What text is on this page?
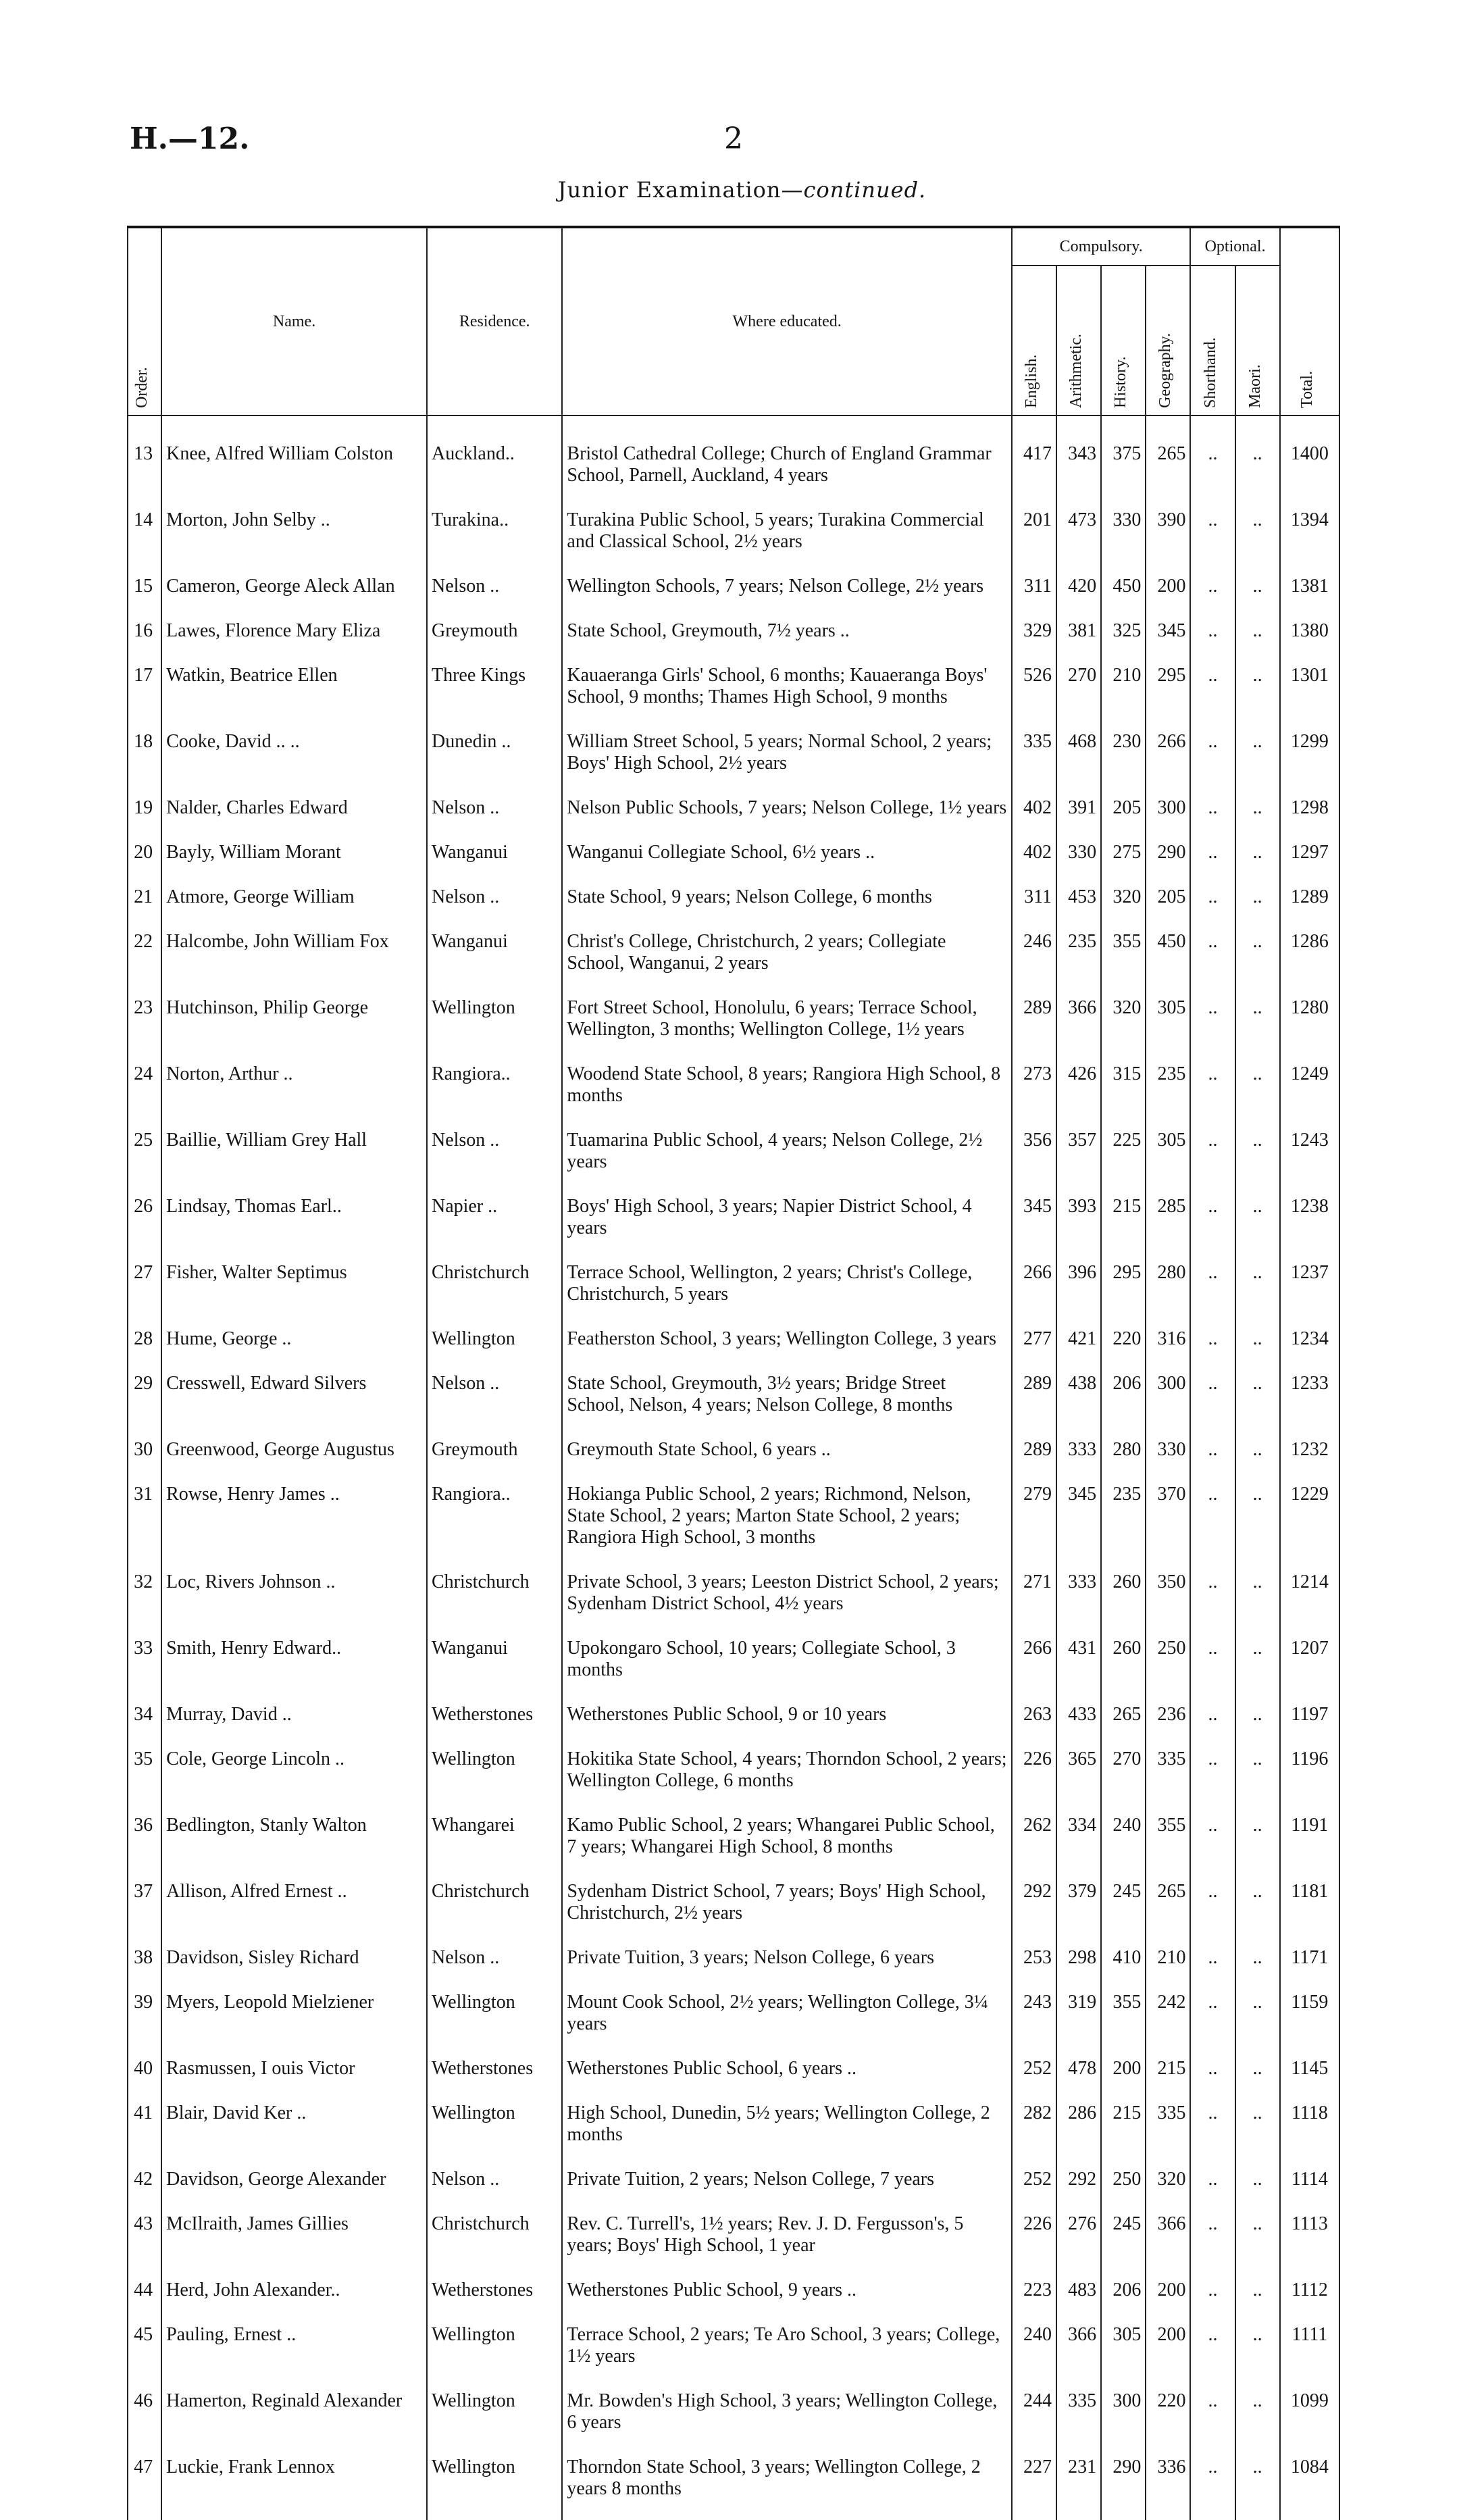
H.—12.	2
Junior Examination—continued.
Order.	Name.	Residence.	Where educated.	Compulsory.				Optional.		Total.

				English.	Arithmetic.	History.	Geography.	Shorthand.	Maori.	

13	Knee, Alfred William Colston	Auckland..	Bristol Cathedral College; Church of England Grammar School, Parnell, Auckland, 4 years	417	343	375	265	..	..	1400
14	Morton, John Selby ..	Turakina..	Turakina Public School, 5 years; Turakina Commercial and Classical School, 2½ years	201	473	330	390	..	..	1394
15	Cameron, George Aleck Allan	Nelson ..	Wellington Schools, 7 years; Nelson College, 2½ years	311	420	450	200	..	..	1381
16	Lawes, Florence Mary Eliza	Greymouth	State School, Greymouth, 7½ years ..	329	381	325	345	..	..	1380
17	Watkin, Beatrice Ellen	Three Kings	Kauaeranga Girls' School, 6 months; Kauaeranga Boys' School, 9 months; Thames High School, 9 months	526	270	210	295	..	..	1301
18	Cooke, David .. ..	Dunedin ..	William Street School, 5 years; Normal School, 2 years; Boys' High School, 2½ years	335	468	230	266	..	..	1299
19	Nalder, Charles Edward	Nelson ..	Nelson Public Schools, 7 years; Nelson College, 1½ years	402	391	205	300	..	..	1298
20	Bayly, William Morant	Wanganui	Wanganui Collegiate School, 6½ years ..	402	330	275	290	..	..	1297
21	Atmore, George William	Nelson ..	State School, 9 years; Nelson College, 6 months	311	453	320	205	..	..	1289
22	Halcombe, John William Fox	Wanganui	Christ's College, Christchurch, 2 years; Collegiate School, Wanganui, 2 years	246	235	355	450	..	..	1286
23	Hutchinson, Philip George	Wellington	Fort Street School, Honolulu, 6 years; Terrace School, Wellington, 3 months; Wellington College, 1½ years	289	366	320	305	..	..	1280
24	Norton, Arthur ..	Rangiora..	Woodend State School, 8 years; Rangiora High School, 8 months	273	426	315	235	..	..	1249
25	Baillie, William Grey Hall	Nelson ..	Tuamarina Public School, 4 years; Nelson College, 2½ years	356	357	225	305	..	..	1243
26	Lindsay, Thomas Earl..	Napier ..	Boys' High School, 3 years; Napier District School, 4 years	345	393	215	285	..	..	1238
27	Fisher, Walter Septimus	Christchurch	Terrace School, Wellington, 2 years; Christ's College, Christchurch, 5 years	266	396	295	280	..	..	1237
28	Hume, George ..	Wellington	Featherston School, 3 years; Wellington College, 3 years	277	421	220	316	..	..	1234
29	Cresswell, Edward Silvers	Nelson ..	State School, Greymouth, 3½ years; Bridge Street School, Nelson, 4 years; Nelson College, 8 months	289	438	206	300	..	..	1233
30	Greenwood, George Augustus	Greymouth	Greymouth State School, 6 years ..	289	333	280	330	..	..	1232
31	Rowse, Henry James ..	Rangiora..	Hokianga Public School, 2 years; Richmond, Nelson, State School, 2 years; Marton State School, 2 years; Rangiora High School, 3 months	279	345	235	370	..	..	1229
32	Loc, Rivers Johnson ..	Christchurch	Private School, 3 years; Leeston District School, 2 years; Sydenham District School, 4½ years	271	333	260	350	..	..	1214
33	Smith, Henry Edward..	Wanganui	Upokongaro School, 10 years; Collegiate School, 3 months	266	431	260	250	..	..	1207
34	Murray, David ..	Wetherstones	Wetherstones Public School, 9 or 10 years	263	433	265	236	..	..	1197
35	Cole, George Lincoln ..	Wellington	Hokitika State School, 4 years; Thorndon School, 2 years; Wellington College, 6 months	226	365	270	335	..	..	1196
36	Bedlington, Stanly Walton	Whangarei	Kamo Public School, 2 years; Whangarei Public School, 7 years; Whangarei High School, 8 months	262	334	240	355	..	..	1191
37	Allison, Alfred Ernest ..	Christchurch	Sydenham District School, 7 years; Boys' High School, Christchurch, 2½ years	292	379	245	265	..	..	1181
38	Davidson, Sisley Richard	Nelson ..	Private Tuition, 3 years; Nelson College, 6 years	253	298	410	210	..	..	1171
39	Myers, Leopold Mielziener	Wellington	Mount Cook School, 2½ years; Wellington College, 3¼ years	243	319	355	242	..	..	1159
40	Rasmussen, I ouis Victor	Wetherstones	Wetherstones Public School, 6 years ..	252	478	200	215	..	..	1145
41	Blair, David Ker ..	Wellington	High School, Dunedin, 5½ years; Wellington College, 2 months	282	286	215	335	..	..	1118
42	Davidson, George Alexander	Nelson ..	Private Tuition, 2 years; Nelson College, 7 years	252	292	250	320	..	..	1114
43	McIlraith, James Gillies	Christchurch	Rev. C. Turrell's, 1½ years; Rev. J. D. Fergusson's, 5 years; Boys' High School, 1 year	226	276	245	366	..	..	1113
44	Herd, John Alexander..	Wetherstones	Wetherstones Public School, 9 years ..	223	483	206	200	..	..	1112
45	Pauling, Ernest ..	Wellington	Terrace School, 2 years; Te Aro School, 3 years; College, 1½ years	240	366	305	200	..	..	1111
46	Hamerton, Reginald Alexander	Wellington	Mr. Bowden's High School, 3 years; Wellington College, 6 years	244	335	300	220	..	..	1099
47	Luckie, Frank Lennox	Wellington	Thorndon State School, 3 years; Wellington College, 2 years 8 months	227	231	290	336	..	..	1084
